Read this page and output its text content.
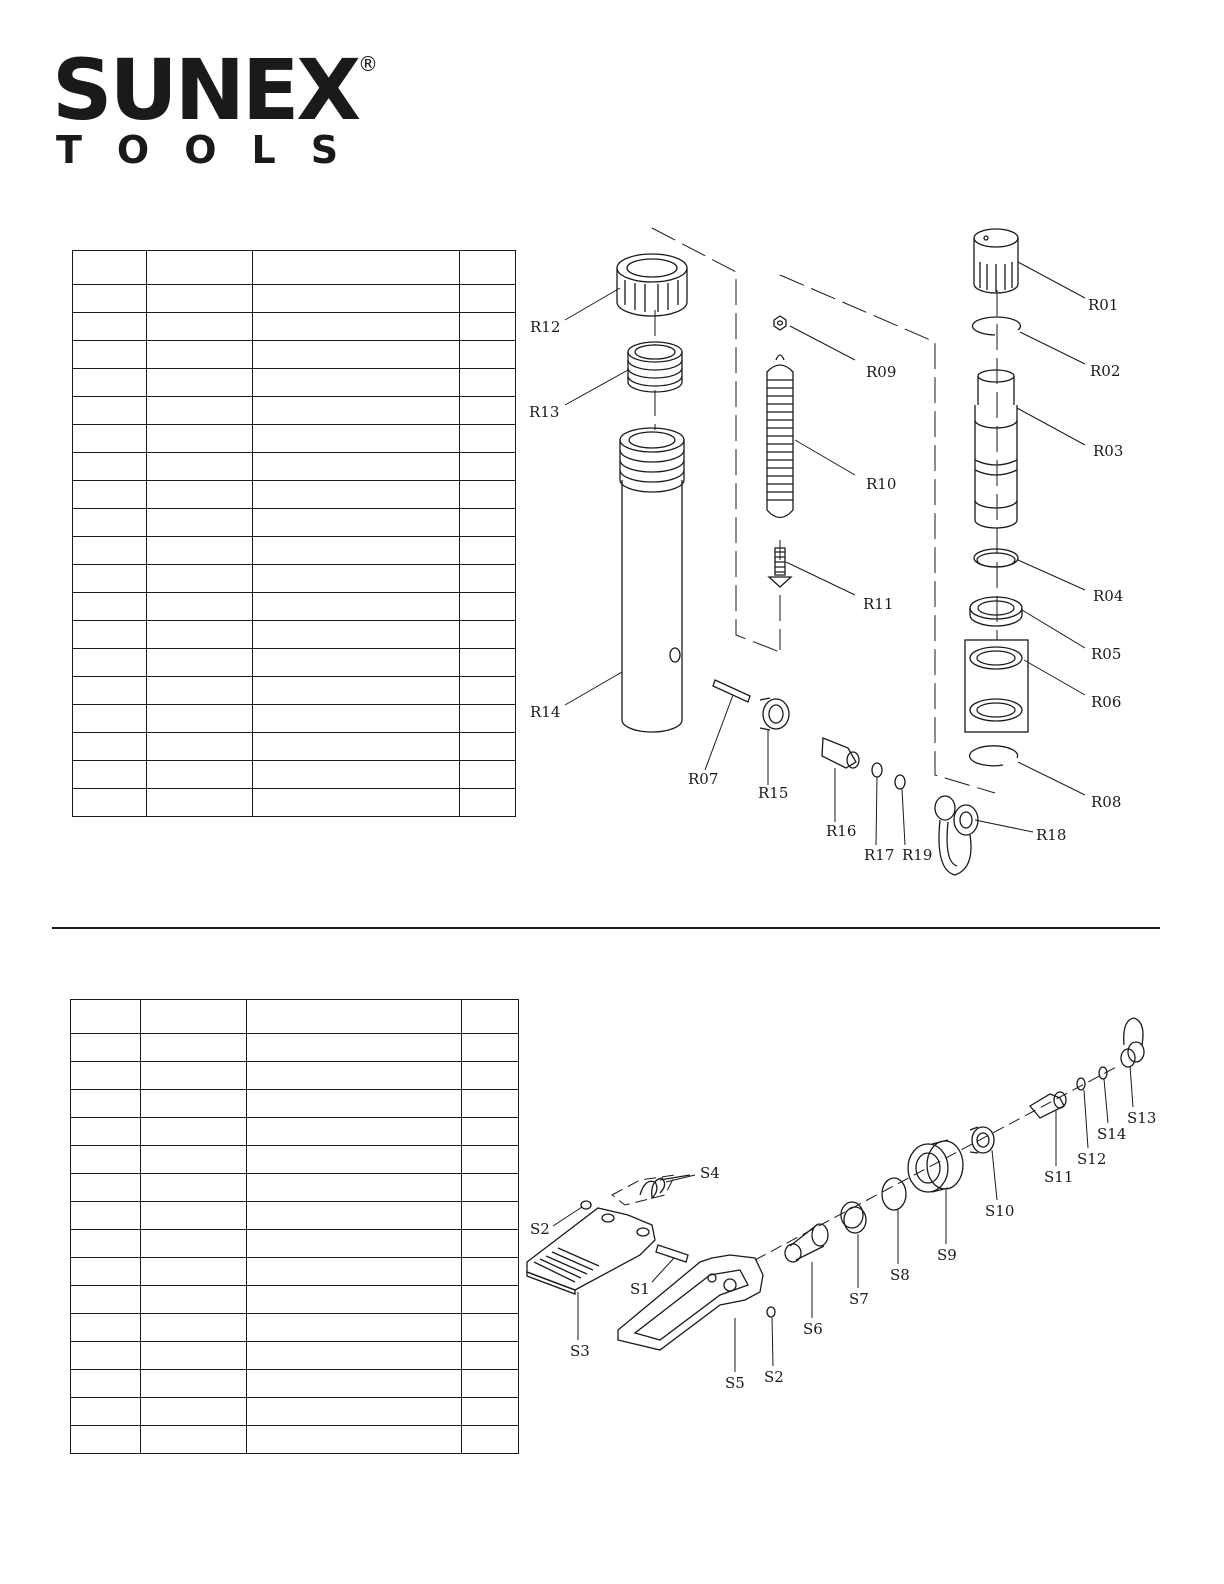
SUNEX ®
TOOLS

R01
R02
R03
R04
R05
R06
R07
R08
R09
R10
R11
R12
R13
R14
R15
R16
R17
R18
R19
S1
S2
S2
S3
S4
S5
S6
S7
S8
S9
S10
S11
S12
S13
S14
